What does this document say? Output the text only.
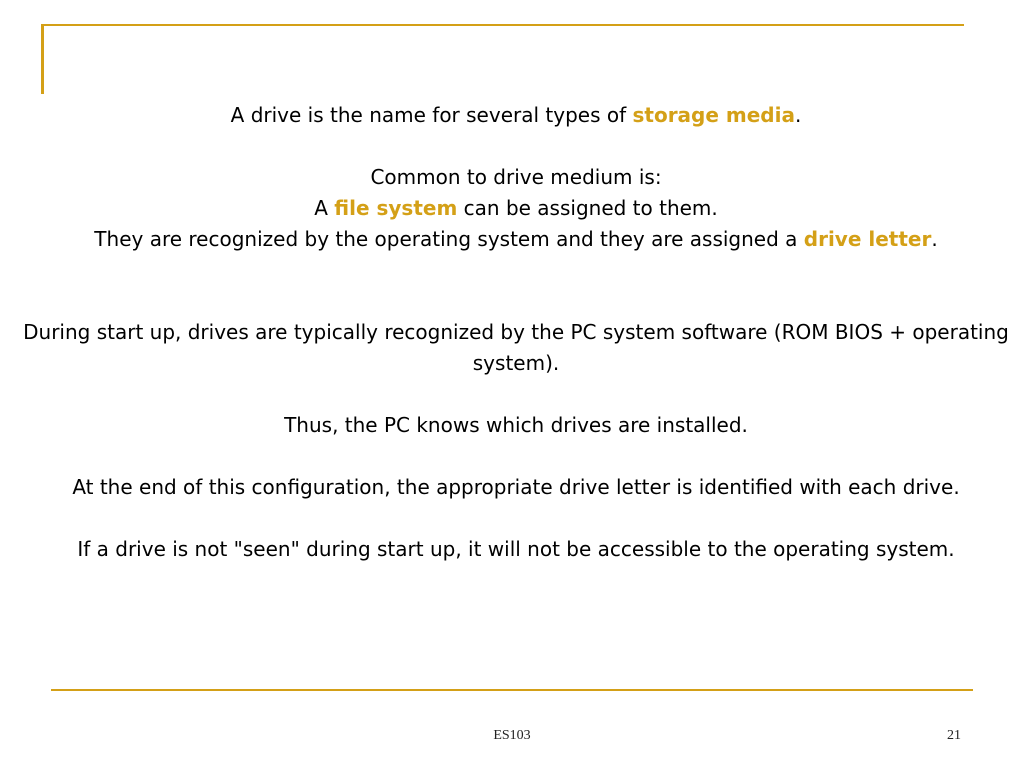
A drive is the name for several types of storage media.

Common to drive medium is:

A file system can be assigned to them.

They are recognized by the operating system and they are assigned a drive letter.

During start up, drives are typically recognized by the PC system software (ROM BIOS + operating system).

Thus, the PC knows which drives are installed.

At the end of this configuration, the appropriate drive letter is identified with each drive.

If a drive is not "seen" during start up, it will not be accessible to the operating system.

ES103	21
